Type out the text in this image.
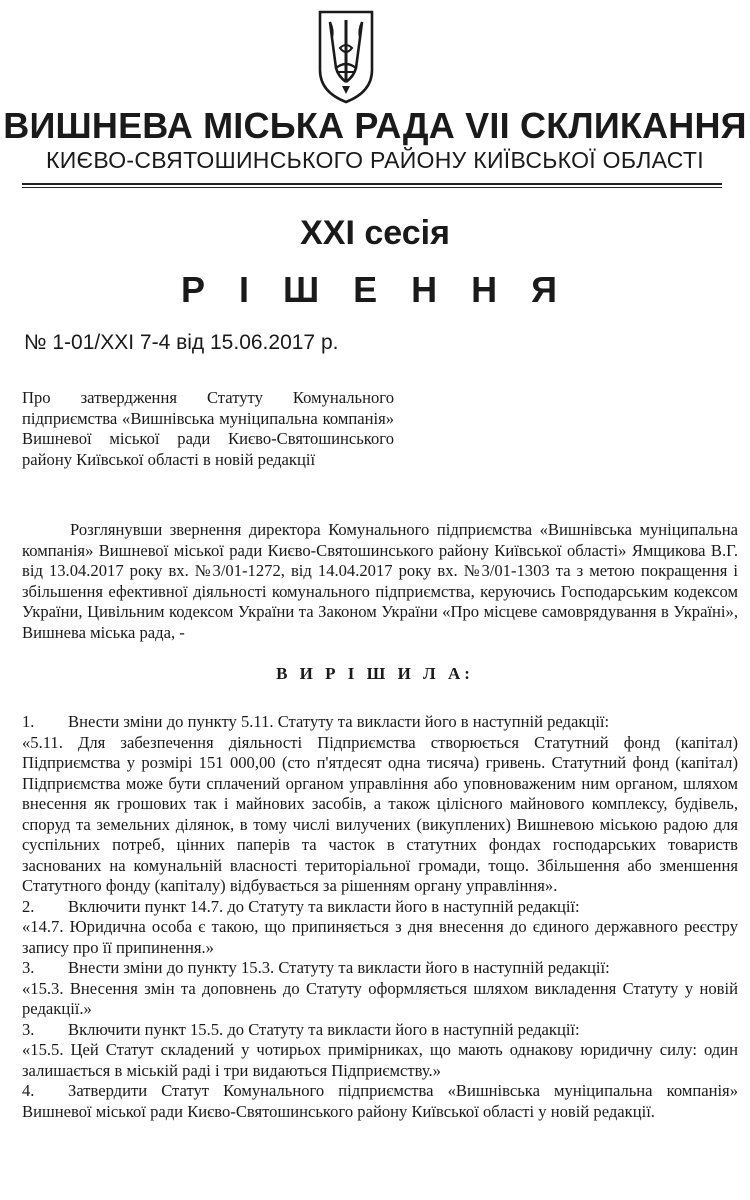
ВИШНЕВА МІСЬКА РАДА VII СКЛИКАННЯ
КИЄВО-СВЯТОШИНСЬКОГО РАЙОНУ КИЇВСЬКОЇ ОБЛАСТІ
XXI сесія
Р І Ш Е Н Н Я
№ 1-01/XXI 7-4 від 15.06.2017 р.
Про затвердження Статуту Комунального підприємства «Вишнівська муніципальна компанія» Вишневої міської ради Києво-Святошинського району Київської області в новій редакції
Розглянувши звернення директора Комунального підприємства «Вишнівська муніципальна компанія» Вишневої міської ради Києво-Святошинського району Київської області» Ямщикова В.Г. від 13.04.2017 року вх. №3/01-1272, від 14.04.2017 року вх. №3/01-1303 та з метою покращення і збільшення ефективної діяльності комунального підприємства, керуючись Господарським кодексом України, Цивільним кодексом України та Законом України «Про місцеве самоврядування в Україні», Вишнева міська рада, -
В И Р І Ш И Л А:
1. Внести зміни до пункту 5.11. Статуту та викласти його в наступній редакції:
«5.11. Для забезпечення діяльності Підприємства створюється Статутний фонд (капітал) Підприємства у розмірі 151 000,00 (сто п'ятдесят одна тисяча) гривень. Статутний фонд (капітал) Підприємства може бути сплачений органом управління або уповноваженим ним органом, шляхом внесення як грошових так і майнових засобів, а також цілісного майнового комплексу, будівель, споруд та земельних ділянок, в тому числі вилучених (викуплених) Вишневою міською радою для суспільних потреб, цінних паперів та часток в статутних фондах господарських товариств заснованих на комунальній власності територіальної громади, тощо. Збільшення або зменшення Статутного фонду (капіталу) відбувається за рішенням органу управління».
2. Включити пункт 14.7. до Статуту та викласти його в наступній редакції:
«14.7. Юридична особа є такою, що припиняється з дня внесення до єдиного державного реєстру запису про її припинення.»
3. Внести зміни до пункту 15.3. Статуту та викласти його в наступній редакції:
«15.3. Внесення змін та доповнень до Статуту оформляється шляхом викладення Статуту у новій редакції.»
3. Включити пункт 15.5. до Статуту та викласти його в наступній редакції:
«15.5. Цей Статут складений у чотирьох примірниках, що мають однакову юридичну силу: один залишається в міській раді і три видаються Підприємству.»
4. Затвердити Статут Комунального підприємства «Вишнівська муніципальна компанія» Вишневої міської ради Києво-Святошинського району Київської області у новій редакції.
